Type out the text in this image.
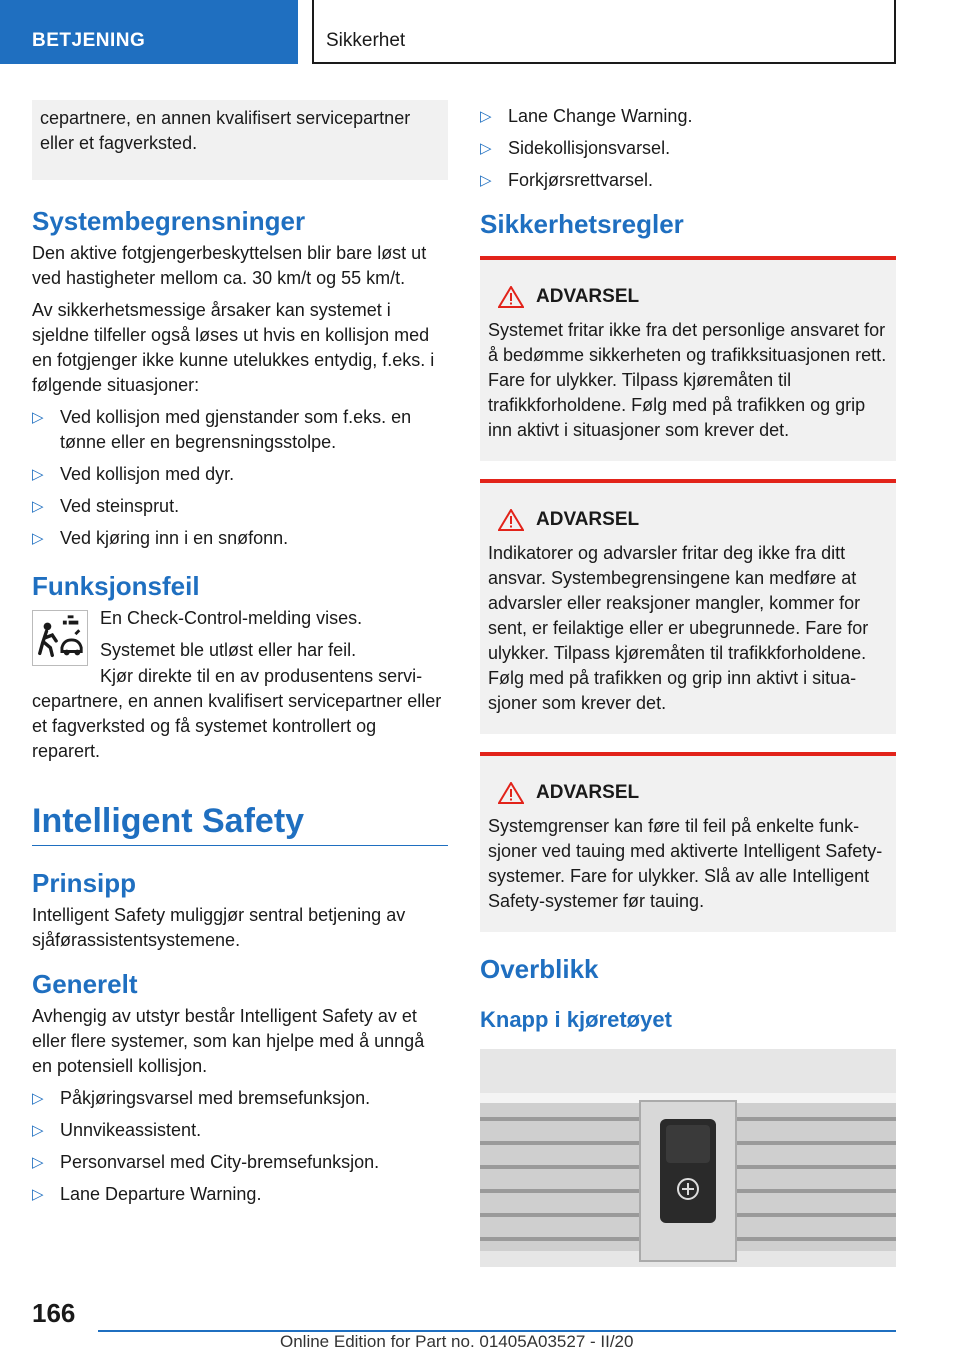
BETJENING	Sikkerhet

cepartnere, en annen kvalifisert servicepartner eller et fagverksted.

Systembegrensninger

Den aktive fotgjengerbeskyttelsen blir bare løst ut ved hastigheter mellom ca. 30 km/t og 55 km/t.

Av sikkerhetsmessige årsaker kan systemet i sjeldne tilfeller også løses ut hvis en kollisjon med en fotgjenger ikke kunne utelukkes entydig, f.eks. i følgende situasjoner:

▷ Ved kollisjon med gjenstander som f.eks. en tønne eller en begrensningsstolpe.
▷ Ved kollisjon med dyr.
▷ Ved steinsprut.
▷ Ved kjøring inn i en snøfonn.
Funksjonsfeil

En Check-Control-melding vises.

Systemet ble utløst eller har feil.

Kjør direkte til en av produsentens servicepartnere, en annen kvalifisert servicepartner eller et fagverksted og få systemet kontrollert og reparert.

Intelligent Safety
Prinsipp

Intelligent Safety muliggjør sentral betjening av sjåførassistentsystemene.

Generelt

Avhengig av utstyr består Intelligent Safety av et eller flere systemer, som kan hjelpe med å unngå en potensiell kollisjon.

▷ Påkjøringsvarsel med bremsefunksjon.
▷ Unnvikeassistent.
▷ Personvarsel med City-bremsefunksjon.
▷ Lane Departure Warning.
▷ Lane Change Warning.
▷ Sidekollisjonsvarsel.
▷ Forkjørsrettvarsel.
Sikkerhetsregler
ADVARSEL

Systemet fritar ikke fra det personlige ansvaret for å bedømme sikkerheten og trafikksituasjonen rett. Fare for ulykker. Tilpass kjøremåten til trafikkforholdene. Følg med på trafikken og grip inn aktivt i situasjoner som krever det.

ADVARSEL

Indikatorer og advarsler fritar deg ikke fra ditt ansvar. Systembegrensingene kan medføre at advarsler eller reaksjoner mangler, kommer for sent, er feilaktige eller er ubegrunnede. Fare for ulykker. Tilpass kjøremåten til trafikkforholdene. Følg med på trafikken og grip inn aktivt i situasjoner som krever det.

ADVARSEL

Systemgrenser kan føre til feil på enkelte funksjoner ved tauing med aktiverte Intelligent Safety-systemer. Fare for ulykker. Slå av alle Intelligent Safety-systemer før tauing.

Overblikk
Knapp i kjøretøyet
166
Online Edition for Part no. 01405A03527 - II/20
